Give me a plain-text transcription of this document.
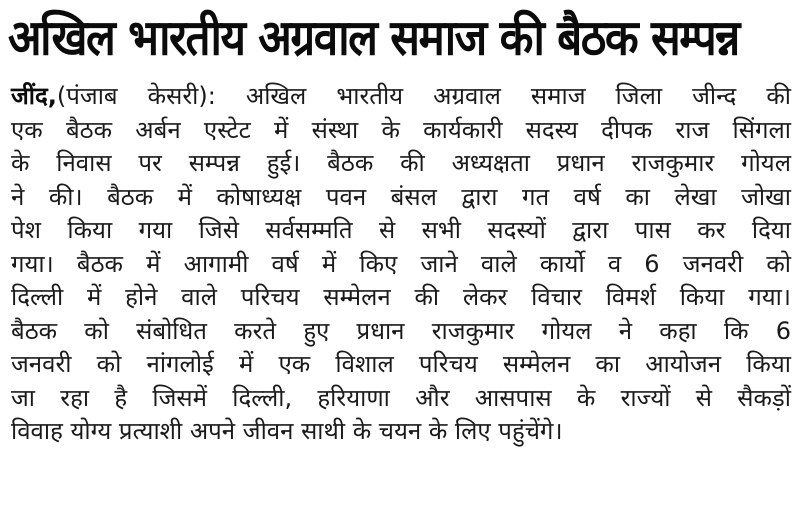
अखिल भारतीय अग्रवाल समाज की बैठक सम्पन्न
जींद,(पंजाब केसरी): अखिल भारतीय अग्रवाल समाज जिला जीन्द की
एक बैठक अर्बन एस्टेट में संस्था के कार्यकारी सदस्य दीपक राज सिंगला
के निवास पर सम्पन्न हुई। बैठक की अध्यक्षता प्रधान राजकुमार गोयल
ने की। बैठक में कोषाध्यक्ष पवन बंसल द्वारा गत वर्ष का लेखा जोखा
पेश किया गया जिसे सर्वसम्मति से सभी सदस्यों द्वारा पास कर दिया
गया। बैठक में आगामी वर्ष में किए जाने वाले कार्यो व 6 जनवरी को
दिल्ली में होने वाले परिचय सम्मेलन की लेकर विचार विमर्श किया गया।
बैठक को संबोधित करते हुए प्रधान राजकुमार गोयल ने कहा कि 6
जनवरी को नांगलोई में एक विशाल परिचय सम्मेलन का आयोजन किया
जा रहा है जिसमें दिल्ली, हरियाणा और आसपास के राज्यों से सैकड़ों
विवाह योग्य प्रत्याशी अपने जीवन साथी के चयन के लिए पहुंचेंगे।
